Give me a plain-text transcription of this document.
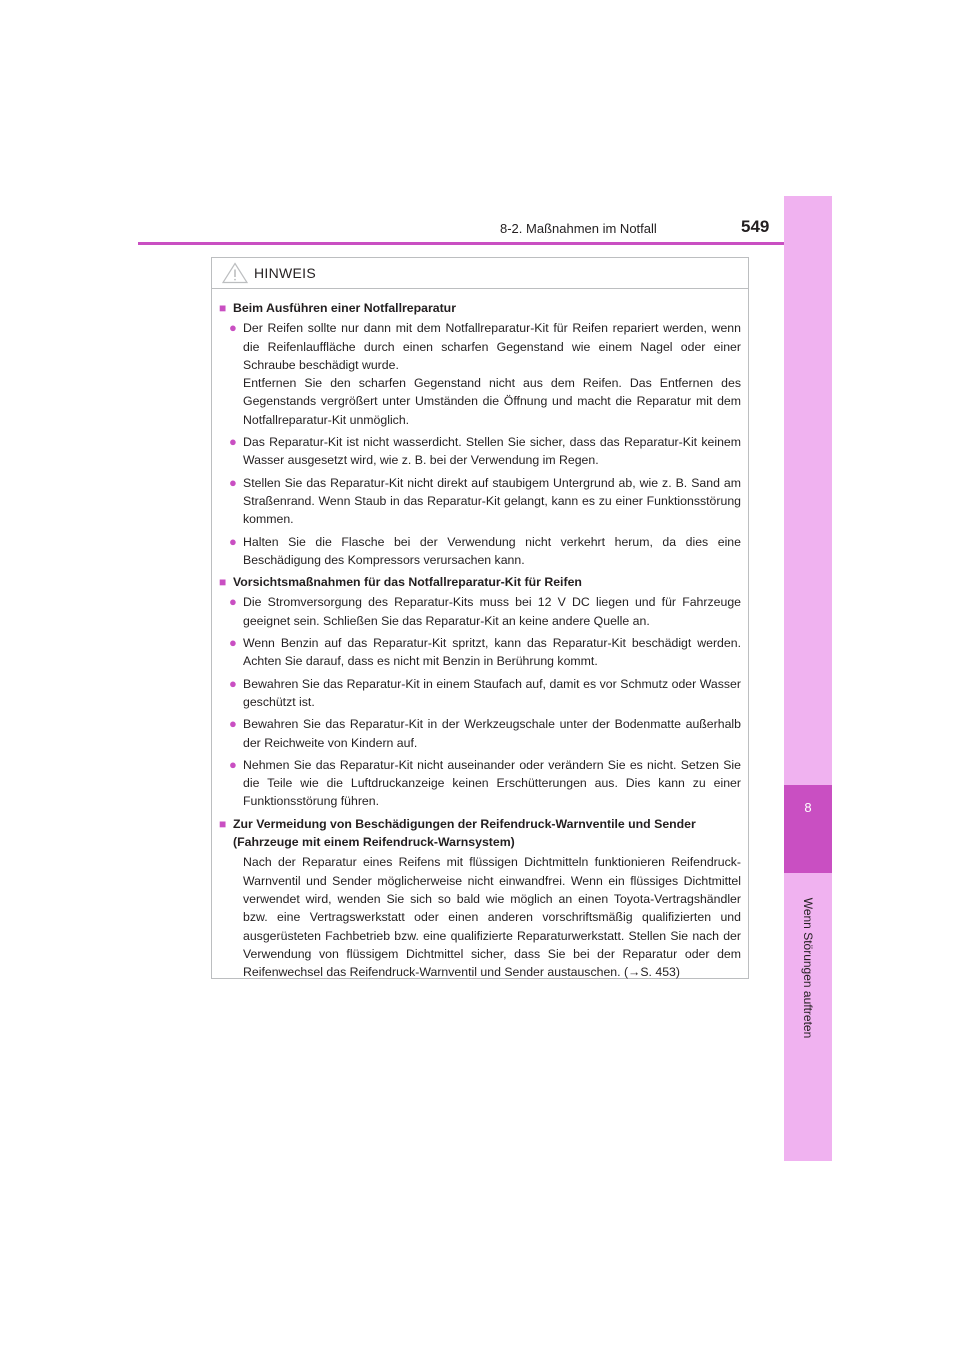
8-2. Maßnahmen im Notfall	549
8
Wenn Störungen auftreten
HINWEIS
■ Beim Ausführen einer Notfallreparatur
● Der Reifen sollte nur dann mit dem Notfallreparatur-Kit für Reifen repariert werden, wenn die Reifenlauffläche durch einen scharfen Gegenstand wie einem Nagel oder einer Schraube beschädigt wurde.
Entfernen Sie den scharfen Gegenstand nicht aus dem Reifen. Das Entfernen des Gegenstands vergrößert unter Umständen die Öffnung und macht die Reparatur mit dem Notfallreparatur-Kit unmöglich.
● Das Reparatur-Kit ist nicht wasserdicht. Stellen Sie sicher, dass das Reparatur-Kit keinem Wasser ausgesetzt wird, wie z. B. bei der Verwendung im Regen.
● Stellen Sie das Reparatur-Kit nicht direkt auf staubigem Untergrund ab, wie z. B. Sand am Straßenrand. Wenn Staub in das Reparatur-Kit gelangt, kann es zu einer Funktionsstörung kommen.
● Halten Sie die Flasche bei der Verwendung nicht verkehrt herum, da dies eine Beschädigung des Kompressors verursachen kann.
■ Vorsichtsmaßnahmen für das Notfallreparatur-Kit für Reifen
● Die Stromversorgung des Reparatur-Kits muss bei 12 V DC liegen und für Fahrzeuge geeignet sein. Schließen Sie das Reparatur-Kit an keine andere Quelle an.
● Wenn Benzin auf das Reparatur-Kit spritzt, kann das Reparatur-Kit beschädigt werden. Achten Sie darauf, dass es nicht mit Benzin in Berührung kommt.
● Bewahren Sie das Reparatur-Kit in einem Staufach auf, damit es vor Schmutz oder Wasser geschützt ist.
● Bewahren Sie das Reparatur-Kit in der Werkzeugschale unter der Bodenmatte außerhalb der Reichweite von Kindern auf.
● Nehmen Sie das Reparatur-Kit nicht auseinander oder verändern Sie es nicht. Setzen Sie die Teile wie die Luftdruckanzeige keinen Erschütterungen aus. Dies kann zu einer Funktionsstörung führen.
■ Zur Vermeidung von Beschädigungen der Reifendruck-Warnventile und Sender (Fahrzeuge mit einem Reifendruck-Warnsystem)
Nach der Reparatur eines Reifens mit flüssigen Dichtmitteln funktionieren Reifendruck-Warnventil und Sender möglicherweise nicht einwandfrei. Wenn ein flüssiges Dichtmittel verwendet wird, wenden Sie sich so bald wie möglich an einen Toyota-Vertragshändler bzw. eine Vertragswerkstatt oder einen anderen vorschriftsmäßig qualifizierten und ausgerüsteten Fachbetrieb bzw. eine qualifizierte Reparaturwerkstatt. Stellen Sie nach der Verwendung von flüssigem Dichtmittel sicher, dass Sie bei der Reparatur oder dem Reifenwechsel das Reifendruck-Warnventil und Sender austauschen. (→S. 453)
